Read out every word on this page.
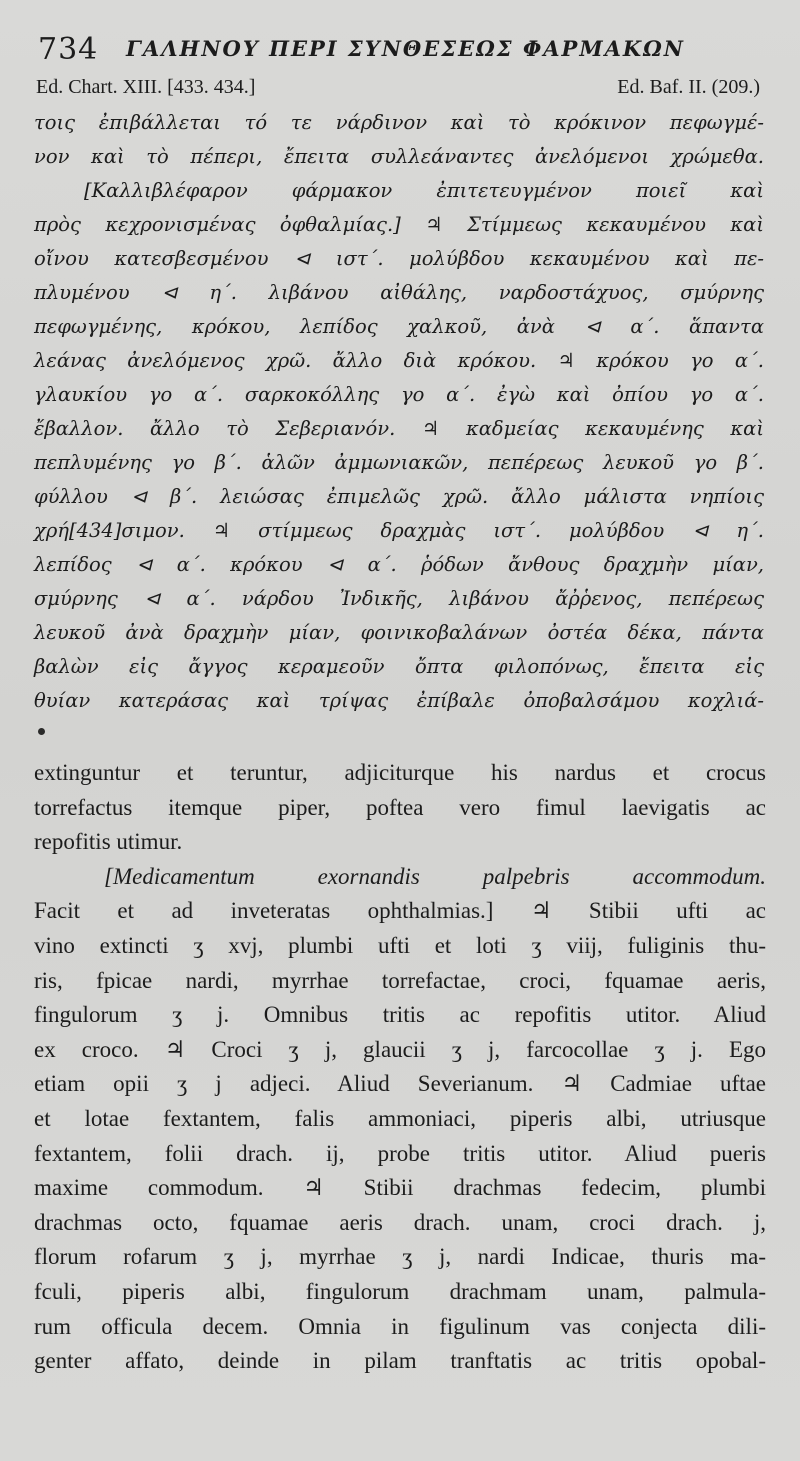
734 ΓΑΛΗΝΟΥ ΠΕΡΙ ΣΥΝΘΕΣΕΩΣ ΦΑΡΜΑΚΩΝ
Ed. Chart. XIII. [433. 434.]	Ed. Baf. II. (209.)
τοις ἐπιβάλλεται τό τε νάρδινον καὶ τὸ κρόκινον πεφωγμέ-
νον καὶ τὸ πέπερι, ἔπειτα συλλεάναντες ἀνελόμενοι χρώμεθα.
[Καλλιβλέφαρον φάρμακον ἐπιτετευγμένον ποιεῖ καὶ
πρὸς κεχρονισμένας ὀφθαλμίας.] ♃ Στίμμεως κεκαυμένου καὶ
οἴνου κατεσβεσμένου ⊲ ιστ΄. μολύβδου κεκαυμένου καὶ πε-
πλυμένου ⊲ η΄. λιβάνου αἰθάλης, ναρδοστάχυος, σμύρνης
πεφωγμένης, κρόκου, λεπίδος χαλκοῦ, ἀνὰ ⊲ α΄. ἅπαντα
λεάνας ἀνελόμενος χρῶ. ἄλλο διὰ κρόκου. ♃ κρόκου γο α΄.
γλαυκίου γο α΄. σαρκοκόλλης γο α΄. ἐγὼ καὶ ὀπίου γο α΄.
ἔβαλλον. ἄλλο τὸ Σεβεριανόν. ♃ καδμείας κεκαυμένης καὶ
πεπλυμένης γο β΄. ἁλῶν ἀμμωνιακῶν, πεπέρεως λευκοῦ γο β΄.
φύλλου ⊲ β΄. λειώσας ἐπιμελῶς χρῶ. ἄλλο μάλιστα νηπίοις
χρή[434]σιμον. ♃ στίμμεως δραχμὰς ιστ΄. μολύβδου ⊲ η΄.
λεπίδος ⊲ α΄. κρόκου ⊲ α΄. ῥόδων ἄνθους δραχμὴν μίαν,
σμύρνης ⊲ α΄. νάρδου Ἰνδικῆς, λιβάνου ἄῤῥενος, πεπέρεως
λευκοῦ ἀνὰ δραχμὴν μίαν, φοινικοβαλάνων ὀστέα δέκα, πάντα
βαλὼν εἰς ἄγγος κεραμεοῦν ὄπτα φιλοπόνως, ἔπειτα εἰς
θυίαν κατεράσας καὶ τρίψας ἐπίβαλε ὀποβαλσάμου κοχλιά-
extinguntur et teruntur, adjiciturque his nardus et crocus
torrefactus itemque piper, poftea vero fimul laevigatis ac
repofitis utimur.
[Medicamentum exornandis palpebris accommodum.
Facit et ad inveteratas ophthalmias.] ♃ Stibii ufti ac
vino extincti ʒ xvj, plumbi ufti et loti ʒ viij, fuliginis thu-
ris, fpicae nardi, myrrhae torrefactae, croci, fquamae aeris,
fingulorum ʒ j. Omnibus tritis ac repofitis utitor. Aliud
ex croco. ♃ Croci ʒ j, glaucii ʒ j, farcocollae ʒ j. Ego
etiam opii ʒ j adjeci. Aliud Severianum. ♃ Cadmiae uftae
et lotae fextantem, falis ammoniaci, piperis albi, utriusque
fextantem, folii drach. ij, probe tritis utitor. Aliud pueris
maxime commodum. ♃ Stibii drachmas fedecim, plumbi
drachmas octo, fquamae aeris drach. unam, croci drach. j,
florum rofarum ʒ j, myrrhae ʒ j, nardi Indicae, thuris ma-
fculi, piperis albi, fingulorum drachmam unam, palmula-
rum officula decem. Omnia in figulinum vas conjecta dili-
genter affato, deinde in pilam tranftatis ac tritis opobal-
